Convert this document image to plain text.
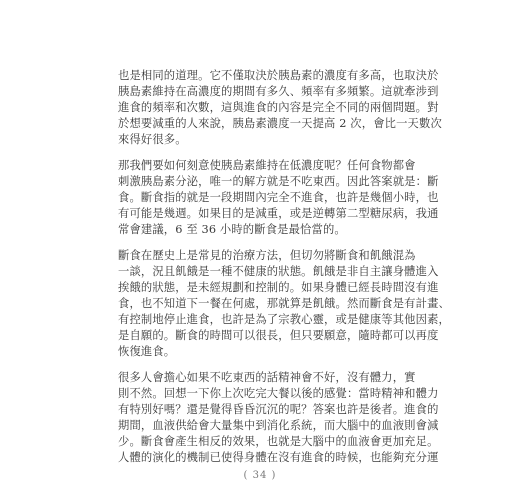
也是相同的道理。它不僅取決於胰島素的濃度有多高，也取決於
胰島素維持在高濃度的期間有多久、頻率有多頻繁。這就牽涉到
進食的頻率和次數，這與進食的內容是完全不同的兩個問題。對
於想要減重的人來說，胰島素濃度一天提高 2 次，會比一天數次
來得好很多。
那我們要如何刻意使胰島素維持在低濃度呢？任何食物都會
刺激胰島素分泌，唯一的解方就是不吃東西。因此答案就是：斷
食。斷食指的就是一段期間內完全不進食，也許是幾個小時，也
有可能是幾週。如果目的是減重，或是逆轉第二型糖尿病，我通
常會建議，6 至 36 小時的斷食是最恰當的。
斷食在歷史上是常見的治療方法，但切勿將斷食和飢餓混為
一談，況且飢餓是一種不健康的狀態。飢餓是非自主讓身體進入
挨餓的狀態，是未經規劃和控制的。如果身體已經長時間沒有進
食，也不知道下一餐在何處，那就算是飢餓。然而斷食是有計畫、
有控制地停止進食，也許是為了宗教心靈，或是健康等其他因素，
是自願的。斷食的時間可以很長，但只要願意，隨時都可以再度
恢復進食。
很多人會擔心如果不吃東西的話精神會不好，沒有體力，實
則不然。回想一下你上次吃完大餐以後的感覺：當時精神和體力
有特別好嗎？還是覺得昏昏沉沉的呢？答案也許是後者。進食的
期間，血液供給會大量集中到消化系統，而大腦中的血液則會減
少。斷食會產生相反的效果，也就是大腦中的血液會更加充足。
人體的演化的機制已使得身體在沒有進食的時候，也能夠充分運
( 34 )
